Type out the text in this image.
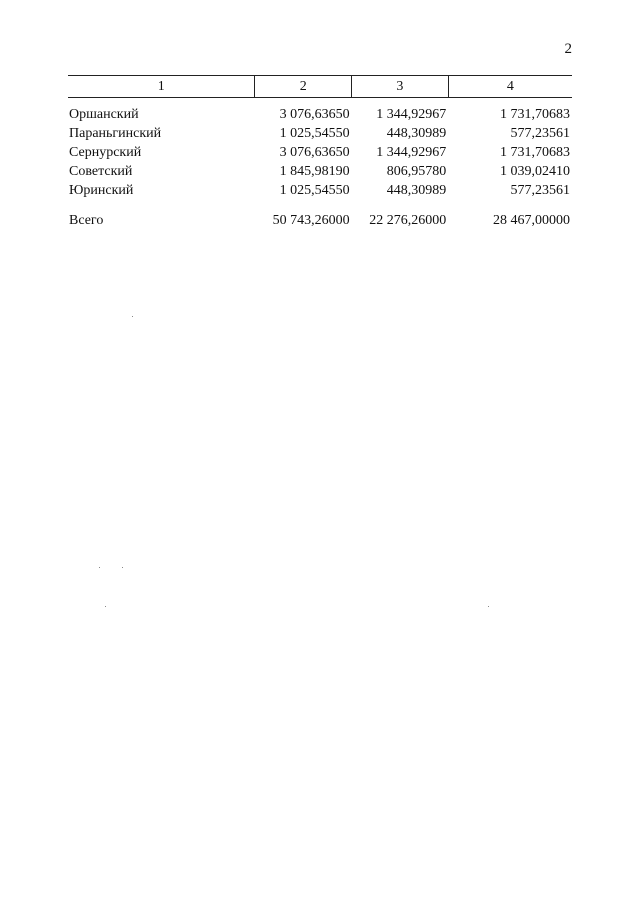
2
1	2	3	4
Оршанский	3 076,63650	1 344,92967	1 731,70683
Параньгинский	1 025,54550	448,30989	577,23561
Сернурский	3 076,63650	1 344,92967	1 731,70683
Советский	1 845,98190	806,95780	1 039,02410
Юринский	1 025,54550	448,30989	577,23561

Всего	50 743,26000	22 276,26000	28 467,00000
